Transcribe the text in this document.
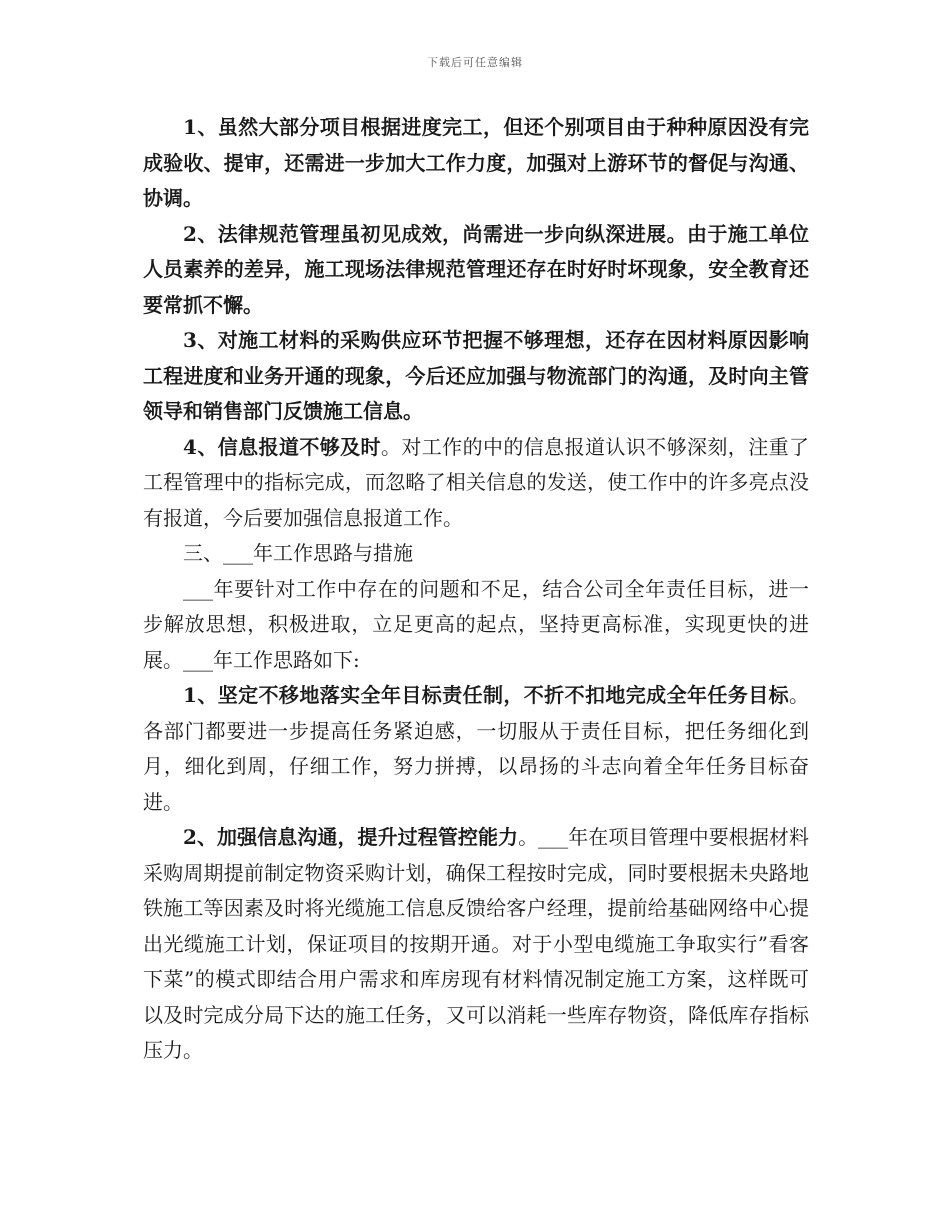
下载后可任意编辑

1、虽然大部分项目根据进度完工，但还个别项目由于种种原因没有完成验收、提审，还需进一步加大工作力度，加强对上游环节的督促与沟通、协调。

2、法律规范管理虽初见成效，尚需进一步向纵深进展。由于施工单位人员素养的差异，施工现场法律规范管理还存在时好时坏现象，安全教育还要常抓不懈。

3、对施工材料的采购供应环节把握不够理想，还存在因材料原因影响工程进度和业务开通的现象，今后还应加强与物流部门的沟通，及时向主管领导和销售部门反馈施工信息。

4、信息报道不够及时。对工作的中的信息报道认识不够深刻，注重了工程管理中的指标完成，而忽略了相关信息的发送，使工作中的许多亮点没有报道，今后要加强信息报道工作。

三、___年工作思路与措施

___年要针对工作中存在的问题和不足，结合公司全年责任目标，进一步解放思想，积极进取，立足更高的起点，坚持更高标准，实现更快的进展。___年工作思路如下:

1、坚定不移地落实全年目标责任制，不折不扣地完成全年任务目标。各部门都要进一步提高任务紧迫感，一切服从于责任目标，把任务细化到月，细化到周，仔细工作，努力拼搏，以昂扬的斗志向着全年任务目标奋进。

2、加强信息沟通，提升过程管控能力。___年在项目管理中要根据材料采购周期提前制定物资采购计划，确保工程按时完成，同时要根据未央路地铁施工等因素及时将光缆施工信息反馈给客户经理，提前给基础网络中心提出光缆施工计划，保证项目的按期开通。对于小型电缆施工争取实行”看客下菜”的模式即结合用户需求和库房现有材料情况制定施工方案，这样既可以及时完成分局下达的施工任务，又可以消耗一些库存物资，降低库存指标压力。
